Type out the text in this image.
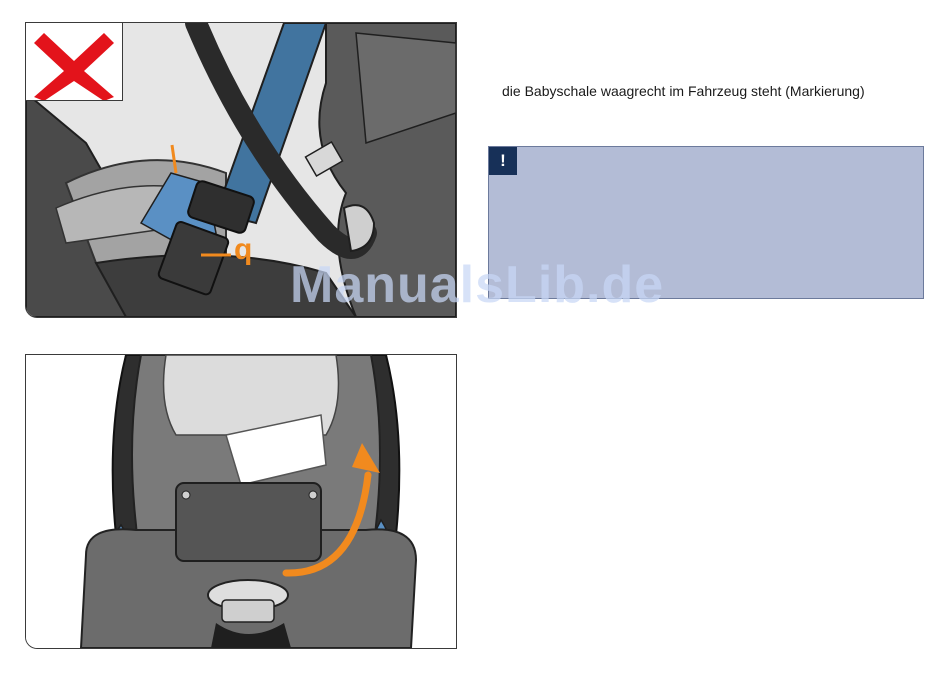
q
die Babyschale waagrecht im Fahrzeug steht (Markierung)
!
ManualsLib.de
